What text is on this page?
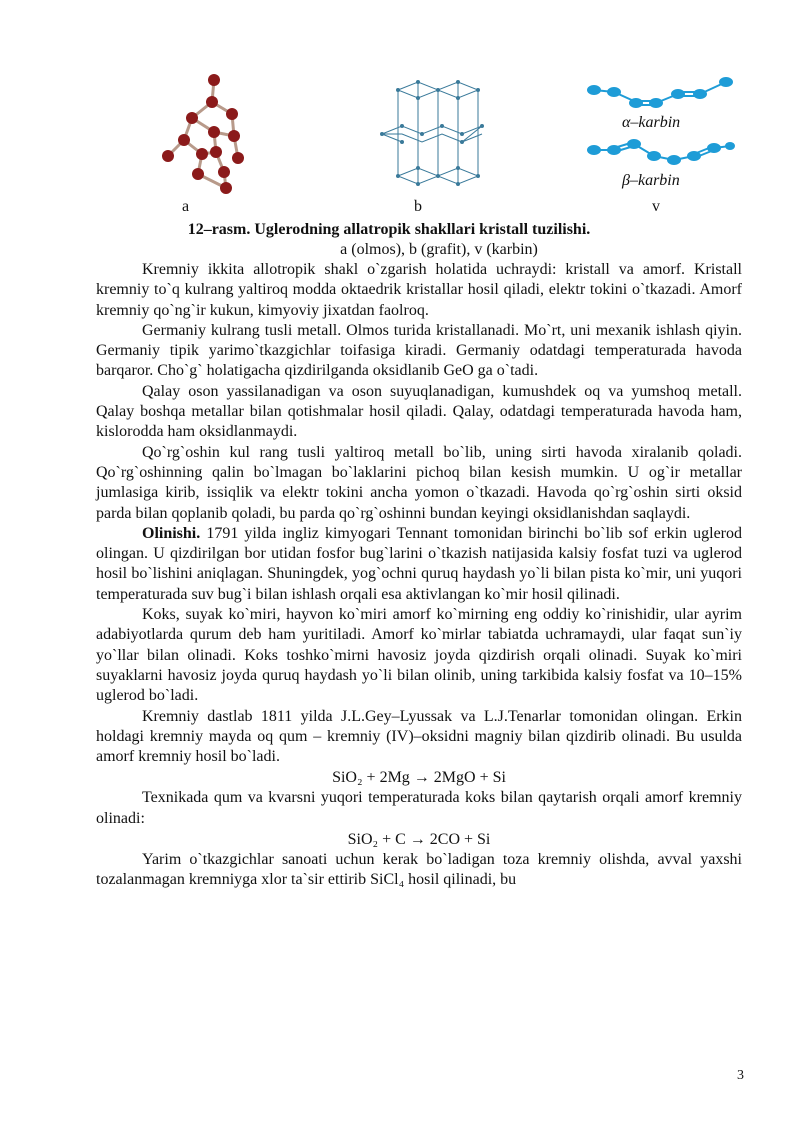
a	b
α–karbin
β–karbin
v
12–rasm. Uglerodning allatropik shakllari kristall tuzilishi.
a (olmos), b (grafit), v (karbin)

Kremniy ikkita allotropik shakl o`zgarish holatida uchraydi: kristall va amorf. Kristall kremniy to`q kulrang yaltiroq modda oktaedrik kristallar hosil qiladi, elektr tokini o`tkazadi. Amorf kremniy qo`ng`ir kukun, kimyoviy jixatdan faolroq.

Germaniy kulrang tusli metall. Olmos turida kristallanadi. Mo`rt, uni mexanik ishlash qiyin. Germaniy tipik yarimo`tkazgichlar toifasiga kiradi. Germaniy odatdagi temperaturada havoda barqaror. Cho`g` holatigacha qizdirilganda oksidlanib GeO ga o`tadi.

Qalay oson yassilanadigan va oson suyuqlanadigan, kumushdek oq va yumshoq metall. Qalay boshqa metallar bilan qotishmalar hosil qiladi. Qalay, odatdagi temperaturada havoda ham, kislorodda ham oksidlanmaydi.

Qo`rg`oshin kul rang tusli yaltiroq metall bo`lib, uning sirti havoda xiralanib qoladi. Qo`rg`oshinning qalin bo`lmagan bo`laklarini pichoq bilan kesish mumkin. U og`ir metallar jumlasiga kirib, issiqlik va elektr tokini ancha yomon o`tkazadi. Havoda qo`rg`oshin sirti oksid parda bilan qoplanib qoladi, bu parda qo`rg`oshinni bundan keyingi oksidlanishdan saqlaydi.

Olinishi. 1791 yilda ingliz kimyogari Tennant tomonidan birinchi bo`lib sof erkin uglerod olingan. U qizdirilgan bor utidan fosfor bug`larini o`tkazish natijasida kalsiy fosfat tuzi va uglerod hosil bo`lishini aniqlagan. Shuningdek, yog`ochni quruq haydash yo`li bilan pista ko`mir, uni yuqori temperaturada suv bug`i bilan ishlash orqali esa aktivlangan ko`mir hosil qilinadi.

Koks, suyak ko`miri, hayvon ko`miri amorf ko`mirning eng oddiy ko`rinishidir, ular ayrim adabiyotlarda qurum deb ham yuritiladi. Amorf ko`mirlar tabiatda uchramaydi, ular faqat sun`iy yo`llar bilan olinadi. Koks toshko`mirni havosiz joyda qizdirish orqali olinadi. Suyak ko`miri suyaklarni havosiz joyda quruq haydash yo`li bilan olinib, uning tarkibida kalsiy fosfat va 10–15% uglerod bo`ladi.

Kremniy dastlab 1811 yilda J.L.Gey–Lyussak va L.J.Tenarlar tomonidan olingan. Erkin holdagi kremniy mayda oq qum – kremniy (IV)–oksidni magniy bilan qizdirib olinadi. Bu usulda amorf kremniy hosil bo`ladi.

SiO₂ + 2Mg → 2MgO + Si

Texnikada qum va kvarsni yuqori temperaturada koks bilan qaytarish orqali amorf kremniy olinadi:

SiO₂ + C → 2CO + Si

Yarim o`tkazgichlar sanoati uchun kerak bo`ladigan toza kremniy olishda, avval yaxshi tozalanmagan kremniyga xlor ta`sir ettirib SiCl₄ hosil qilinadi, bu

3
